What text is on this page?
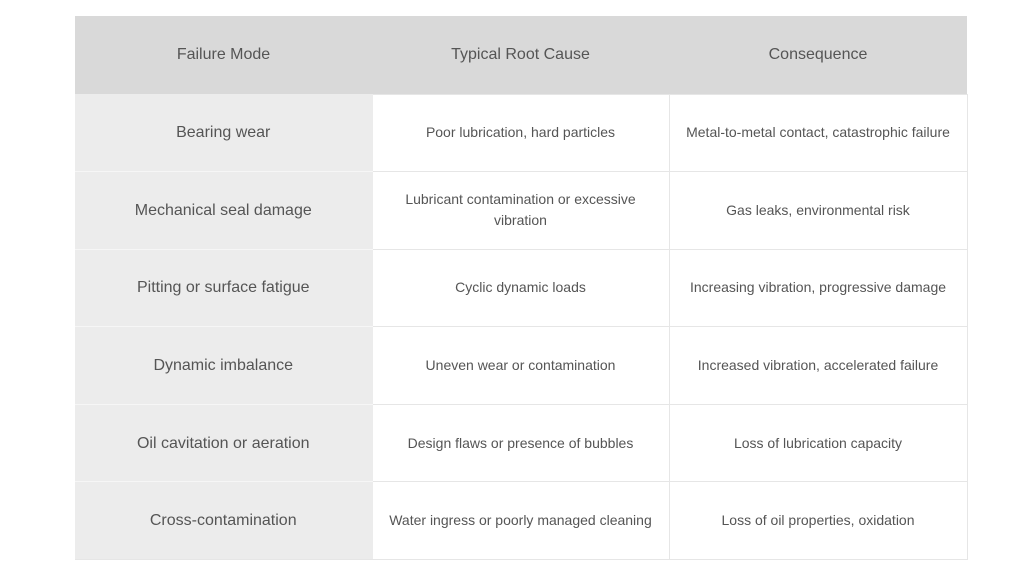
Failure Mode	Typical Root Cause	Consequence
Bearing wear	Poor lubrication, hard particles	Metal-to-metal contact, catastrophic failure
Mechanical seal damage	Lubricant contamination or excessive vibration	Gas leaks, environmental risk
Pitting or surface fatigue	Cyclic dynamic loads	Increasing vibration, progressive damage
Dynamic imbalance	Uneven wear or contamination	Increased vibration, accelerated failure
Oil cavitation or aeration	Design flaws or presence of bubbles	Loss of lubrication capacity
Cross-contamination	Water ingress or poorly managed cleaning	Loss of oil properties, oxidation
